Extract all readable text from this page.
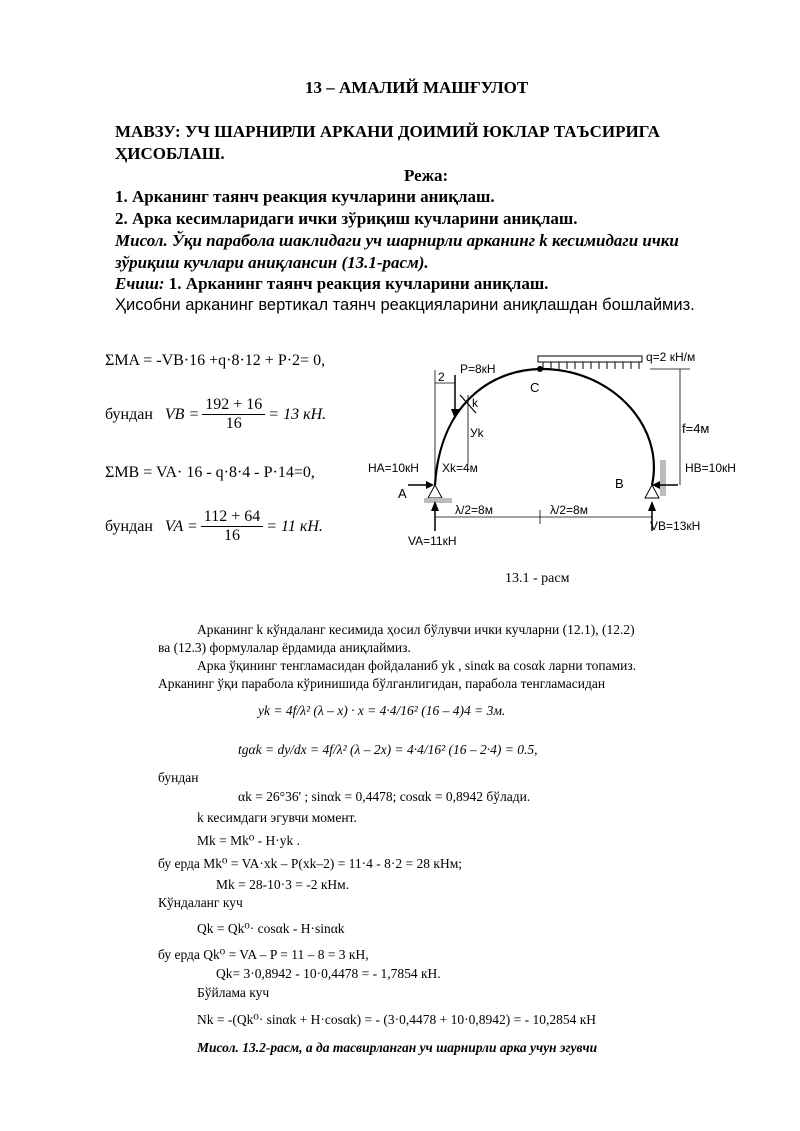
13 – АМАЛИЙ МАШҒУЛОТ
МАВЗУ: УЧ ШАРНИРЛИ АРКАНИ ДОИМИЙ ЮКЛАР ТАЪСИРИГА
ҲИСОБЛАШ.
Режа:
1. Арканинг таянч реакция кучларини аниқлаш.
2. Арка кесимларидаги ички зўриқиш кучларини аниқлаш.
Мисол. Ўқи парабола шаклидаги уч шарнирли арканинг k кесимидаги ички
зўриқиш кучлари аниқлансин (13.1-расм).
Ечиш: 1. Арканинг таянч реакция кучларини аниқлаш.
Ҳисобни арканинг вертикал таянч реакцияларини аниқлашдан бошлаймиз.
ΣMA = -VB·16 +q·8·12 + P·2= 0,
бундан VB = $\frac{192 + 16}{16} = 13$ кН.
ΣMB = VA· 16 - q·8·4 - P·14=0,
бундан VA = $\frac{112 + 64}{16} = 11$ кН.
C
P=8кН
q=2 кН/м
2
k
Уk	f=4м
A
B
HA=10кН Xk=4м	HB=10кН
VA=11кН
VB=13кН
λ/2=8м	λ/2=8м
13.1 - расм
Арканинг k кўндаланг кесимида ҳосил бўлувчи ички кучларни (12.1), (12.2)
ва (12.3) формулалар ёрдамида аниқлаймиз.
Арка ўқининг тенгламасидан фойдаланиб yk , sinαk ва cosαk ларни топамиз.
Арканинг ўқи парабола кўринишида бўлганлигидан, парабола тенгламасидан
yk = 4f/λ² (λ – x) · x = 4·4/16² (16 – 4)4 = 3м.
tgαk = dy/dx = 4f/λ² (λ – 2x) = 4·4/16² (16 – 2·4) = 0.5,
бундан
αk = 26°36' ; sinαk = 0,4478; cosαk = 0,8942 бўлади.
k кесимдаги эгувчи момент.
Mk = Mk⁰ - H·yk .
бу ерда Mk⁰ = VA·xk – P(xk–2) = 11·4 - 8·2 = 28 кНм;
Mk = 28-10·3 = -2 кНм.
Кўндаланг куч
Qk = Qk⁰· cosαk - H·sinαk
бу ерда Qk⁰ = VA – P = 11 – 8 = 3 кН,
Qk= 3·0,8942 - 10·0,4478 = - 1,7854 кН.
Бўйлама куч
Nk = -(Qk⁰· sinαk + H·cosαk) = - (3·0,4478 + 10·0,8942) = - 10,2854 кН
Мисол. 13.2-расм, а да тасвирланган уч шарнирли арка учун эгувчи
